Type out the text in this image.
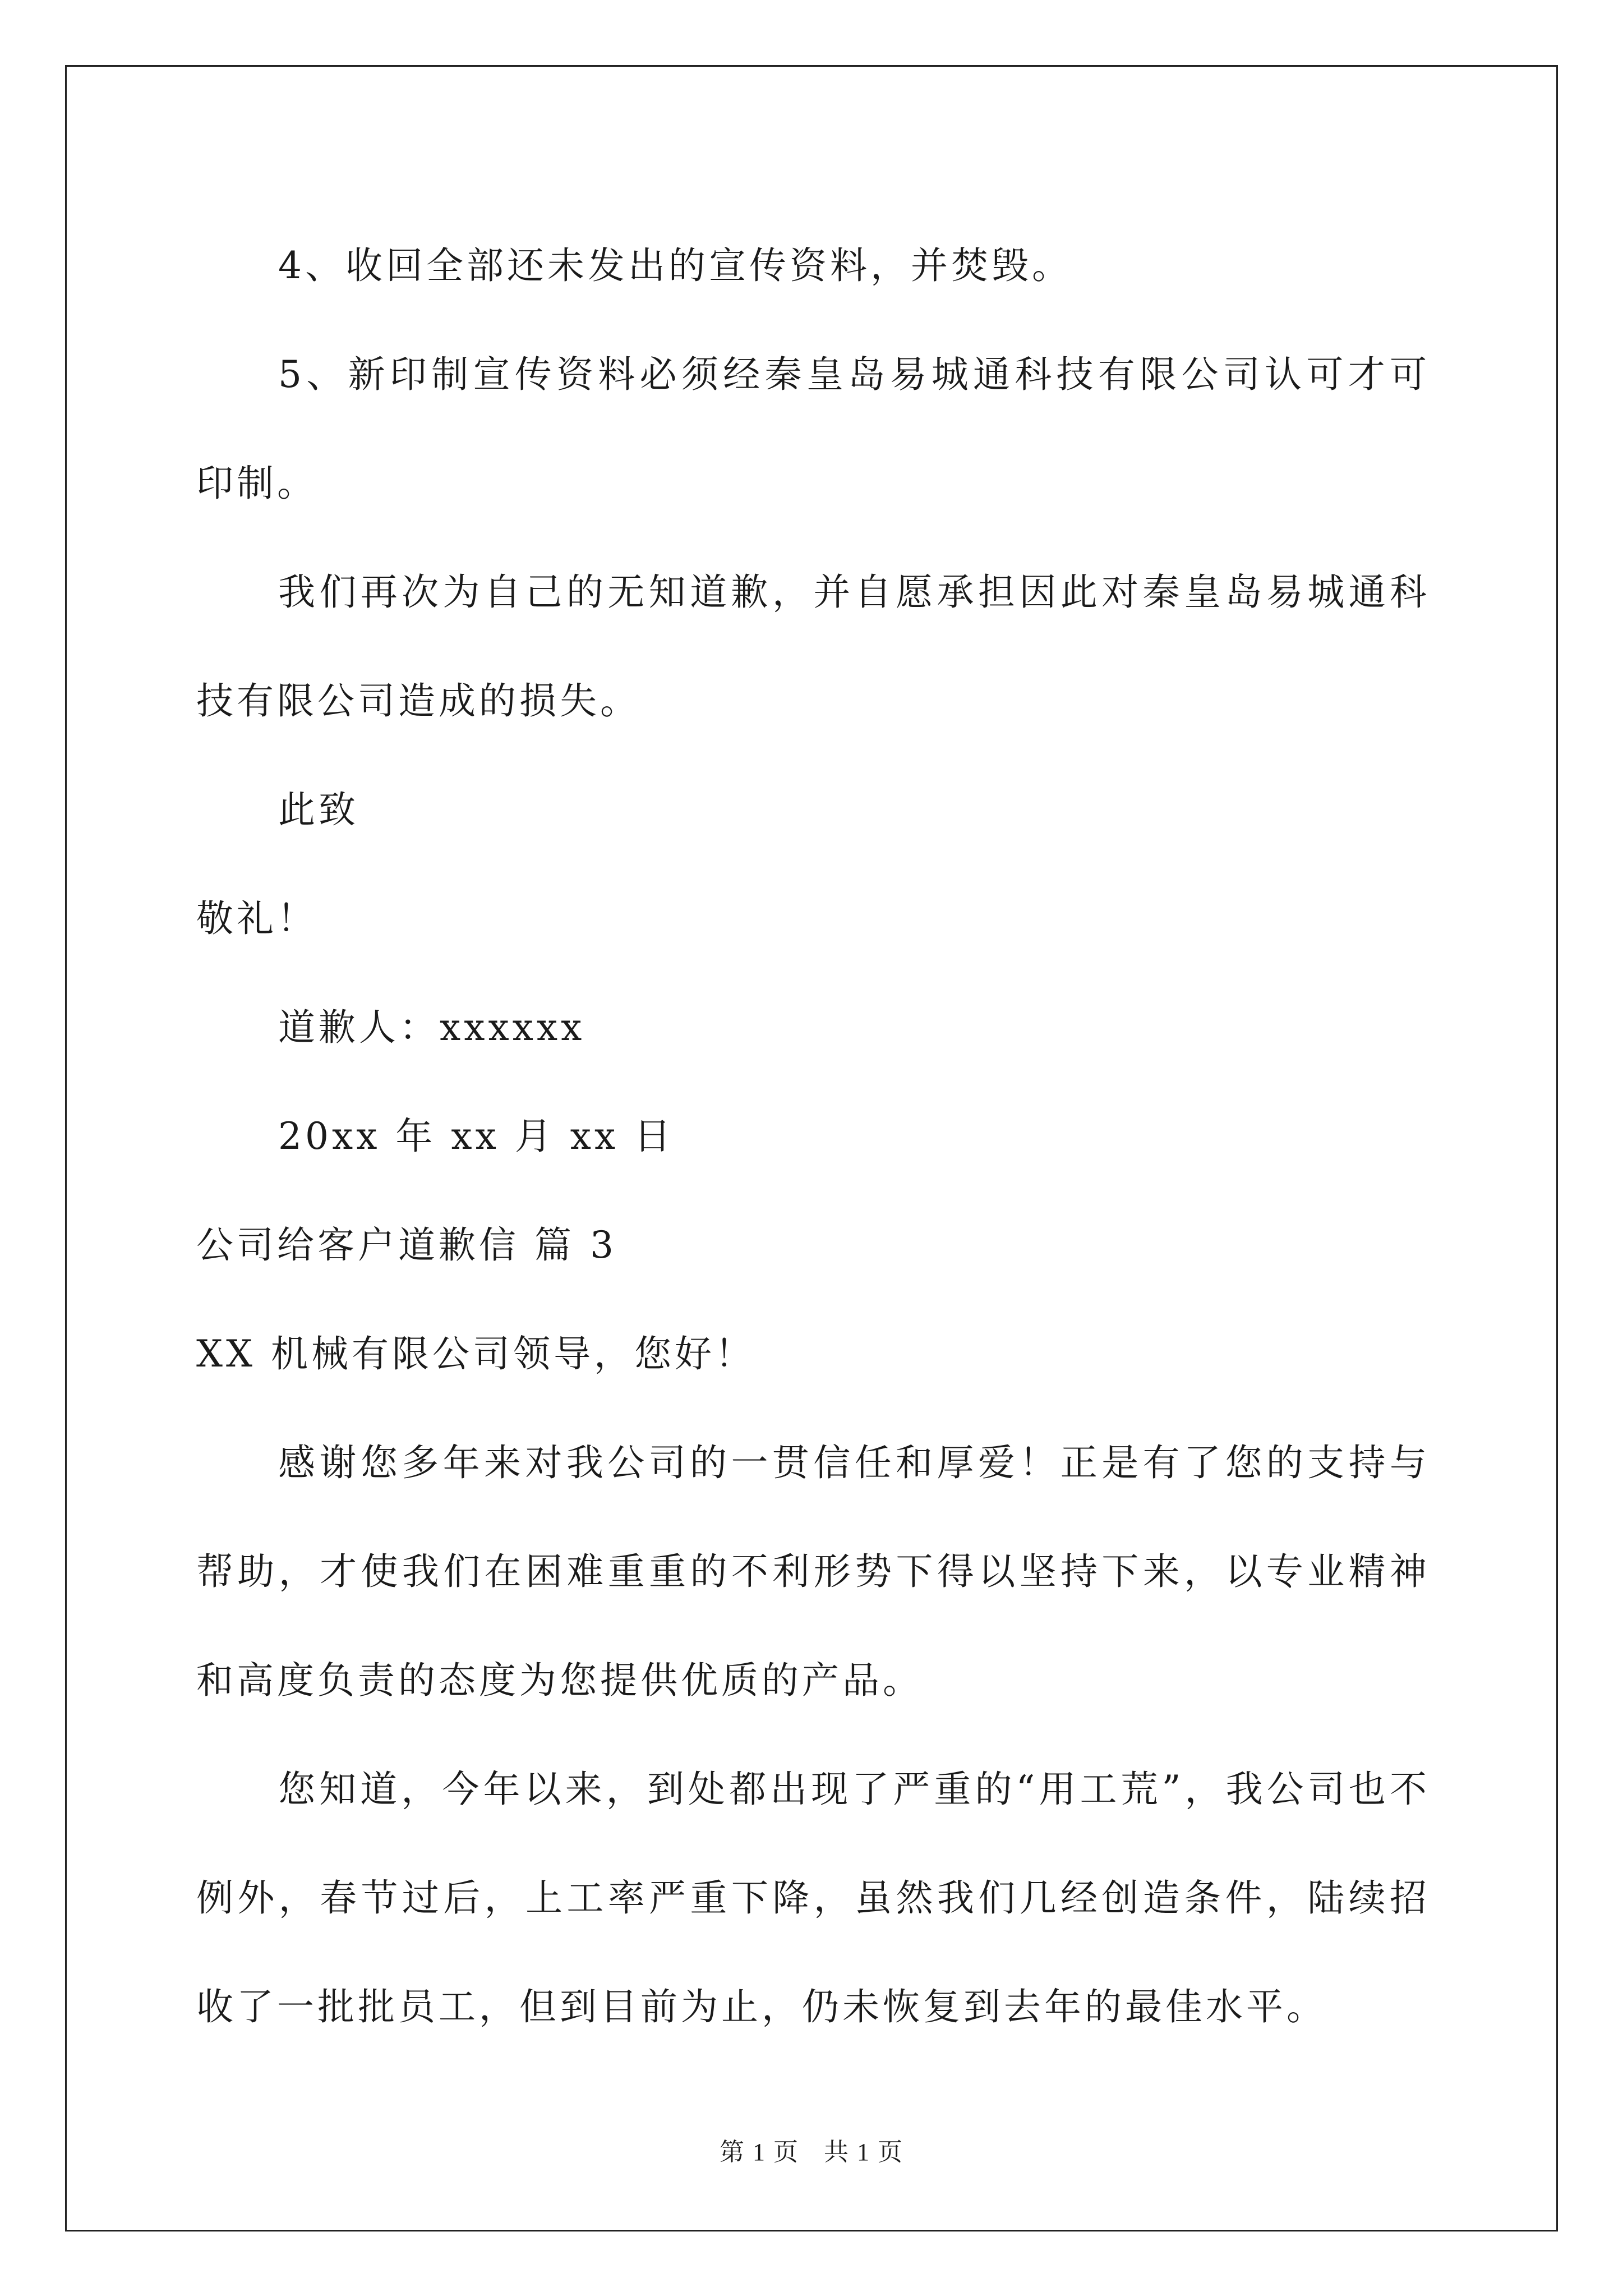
4、收回全部还未发出的宣传资料，并焚毁。

5、新印制宣传资料必须经秦皇岛易城通科技有限公司认可才可印制。

我们再次为自己的无知道歉，并自愿承担因此对秦皇岛易城通科技有限公司造成的损失。

此致

敬礼！

道歉人：xxxxxx

20xx 年 xx 月 xx 日

公司给客户道歉信 篇 3

XX 机械有限公司领导，您好！

感谢您多年来对我公司的一贯信任和厚爱！正是有了您的支持与帮助，才使我们在困难重重的不利形势下得以坚持下来，以专业精神和高度负责的态度为您提供优质的产品。

您知道，今年以来，到处都出现了严重的“用工荒”，我公司也不例外，春节过后，上工率严重下降，虽然我们几经创造条件，陆续招收了一批批员工，但到目前为止，仍未恢复到去年的最佳水平。

第 1 页 共 1 页
